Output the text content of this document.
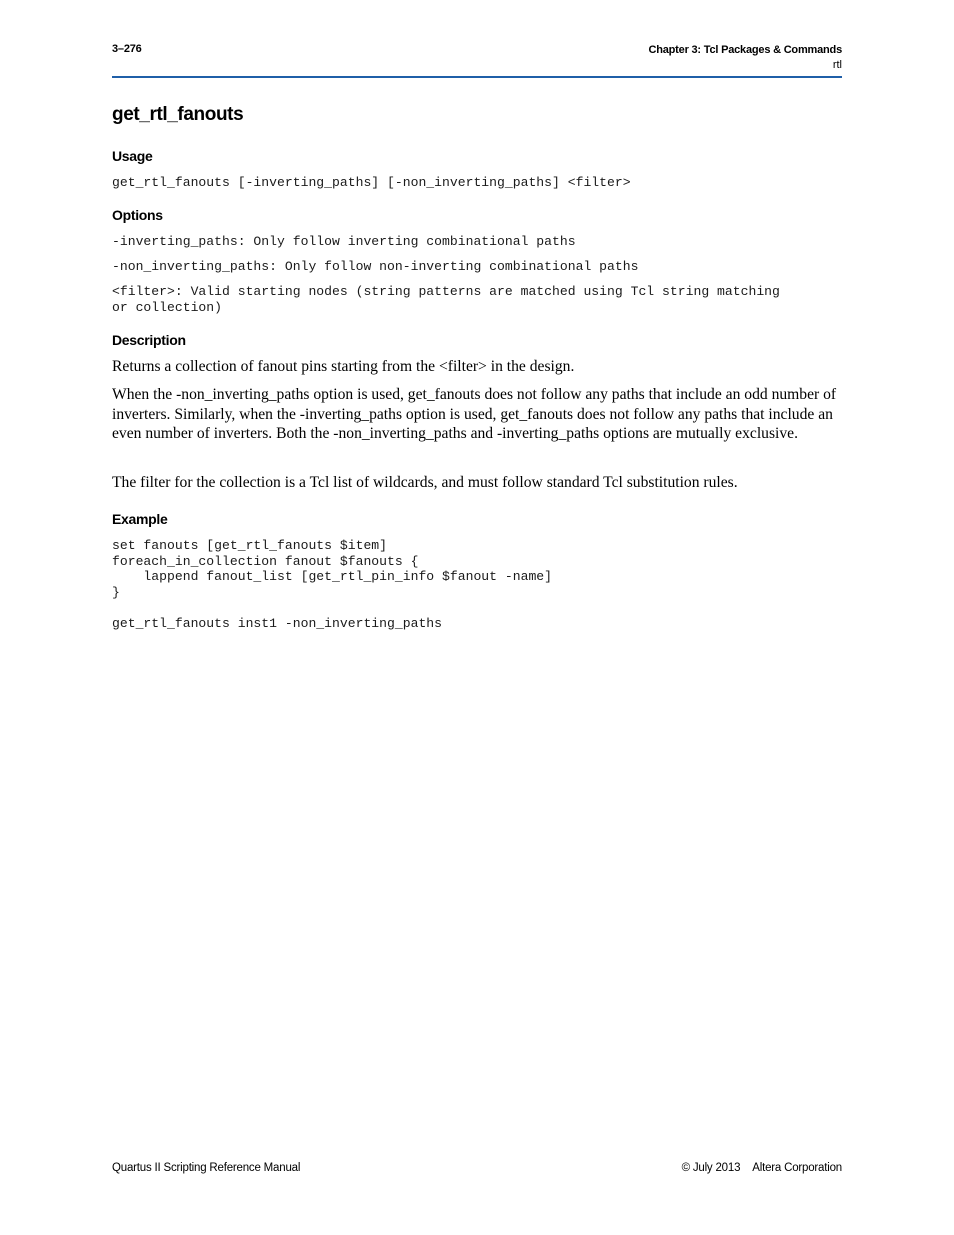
3–276	Chapter 3: Tcl Packages & Commands
rtl
get_rtl_fanouts
Usage
get_rtl_fanouts [-inverting_paths] [-non_inverting_paths] <filter>
Options
-inverting_paths: Only follow inverting combinational paths
-non_inverting_paths: Only follow non-inverting combinational paths
<filter>: Valid starting nodes (string patterns are matched using Tcl string matching
or collection)
Description

Returns a collection of fanout pins starting from the <filter> in the design.

When the -non_inverting_paths option is used, get_fanouts does not follow any paths that include an odd number of inverters. Similarly, when the -inverting_paths option is used, get_fanouts does not follow any paths that include an even number of inverters. Both the -non_inverting_paths and -inverting_paths options are mutually exclusive.

The filter for the collection is a Tcl list of wildcards, and must follow standard Tcl substitution rules.

Example
set fanouts [get_rtl_fanouts $item]
foreach_in_collection fanout $fanouts {
lappend fanout_list [get_rtl_pin_info $fanout -name]
}
get_rtl_fanouts inst1 -non_inverting_paths
Quartus II Scripting Reference Manual	© July 2013 Altera Corporation
